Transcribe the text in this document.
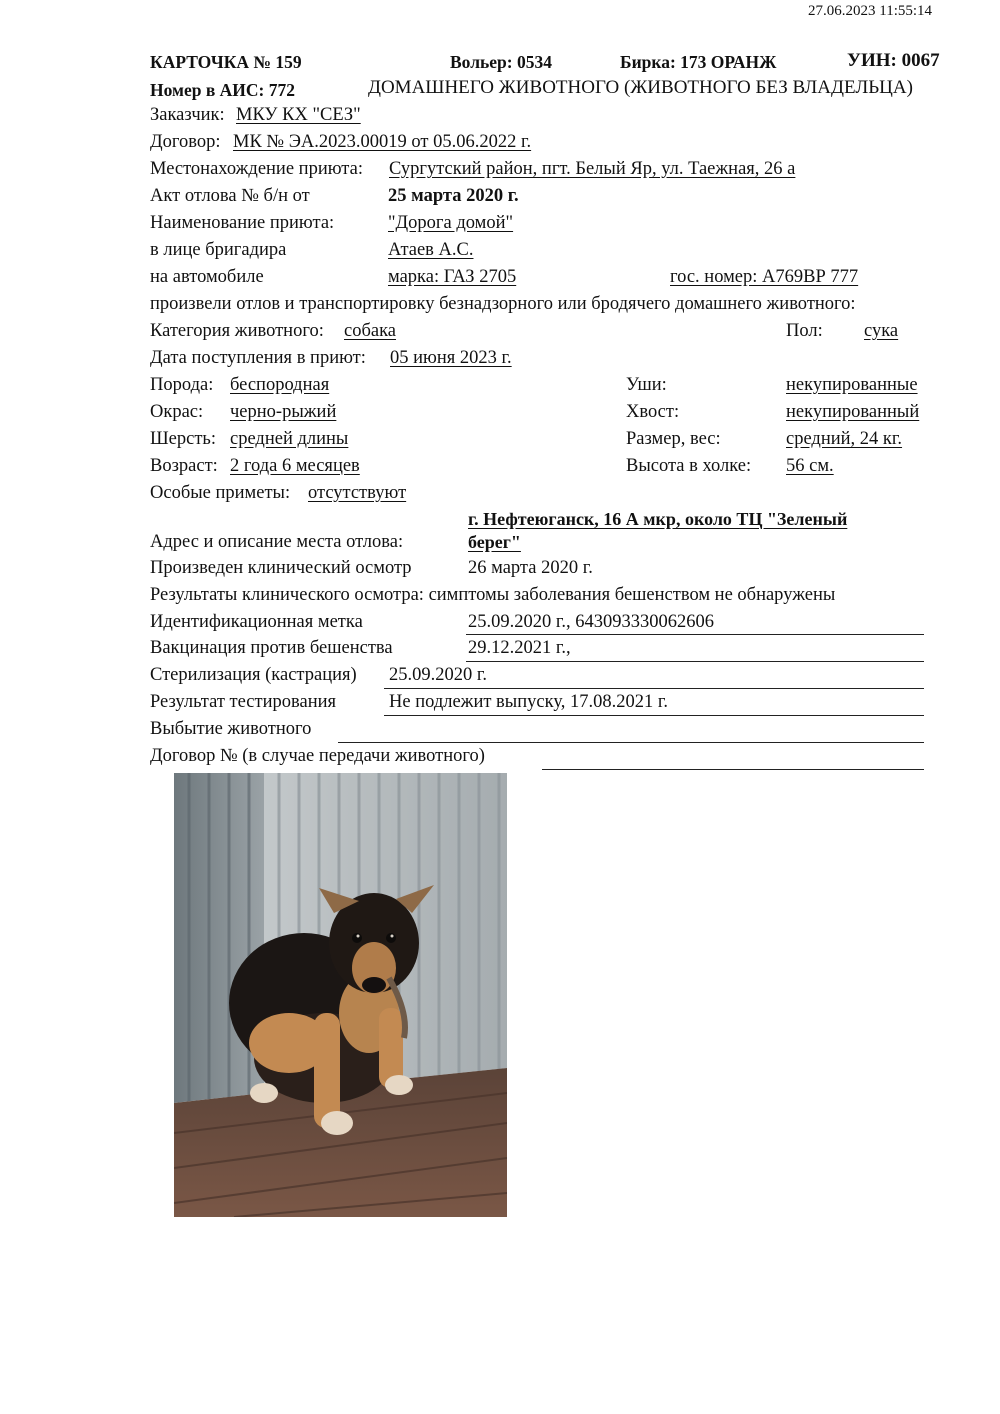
27.06.2023 11:55:14
КАРТОЧКА № 159	Вольер: 0534	Бирка: 173 ОРАНЖ	УИН: 0067
Номер в АИС: 772	ДОМАШНЕГО ЖИВОТНОГО (ЖИВОТНОГО БЕЗ ВЛАДЕЛЬЦА)
Заказчик: МКУ КХ "СЕЗ"
Договор: МК № ЭА.2023.00019 от 05.06.2022 г.
Местонахождение приюта: Сургутский район, пгт. Белый Яр, ул. Таежная, 26 а
Акт отлова № б/н от	25 марта 2020 г.
Наименование приюта:	"Дорога домой"
в лице бригадира	Атаев А.С.
на автомобиле	марка: ГАЗ 2705	гос. номер: А769ВР 777
произвели отлов и транспортировку безнадзорного или бродячего домашнего животного:
Категория животного: собака	Пол: сука
Дата поступления в приют: 05 июня 2023 г.
Порода: беспородная	Уши:	некупированные
Окрас: черно-рыжий	Хвост:	некупированный
Шерсть: средней длины	Размер, вес:	средний, 24 кг.
Возраст: 2 года 6 месяцев	Высота в холке: 56 см.
Особые приметы: отсутствуют
г. Нефтеюганск, 16 А мкр, около ТЦ "Зеленый
Адрес и описание места отлова:	берег"
Произведен клинический осмотр	26 марта 2020 г.
Результаты клинического осмотра: симптомы заболевания бешенством не обнаружены
Идентификационная метка	25.09.2020 г., 643093330062606
Вакцинация против бешенства	29.12.2021 г.,
Стерилизация (кастрация) 25.09.2020 г.
Результат тестирования	Не подлежит выпуску, 17.08.2021 г.
Выбытие животного
Договор № (в случае передачи животного)
